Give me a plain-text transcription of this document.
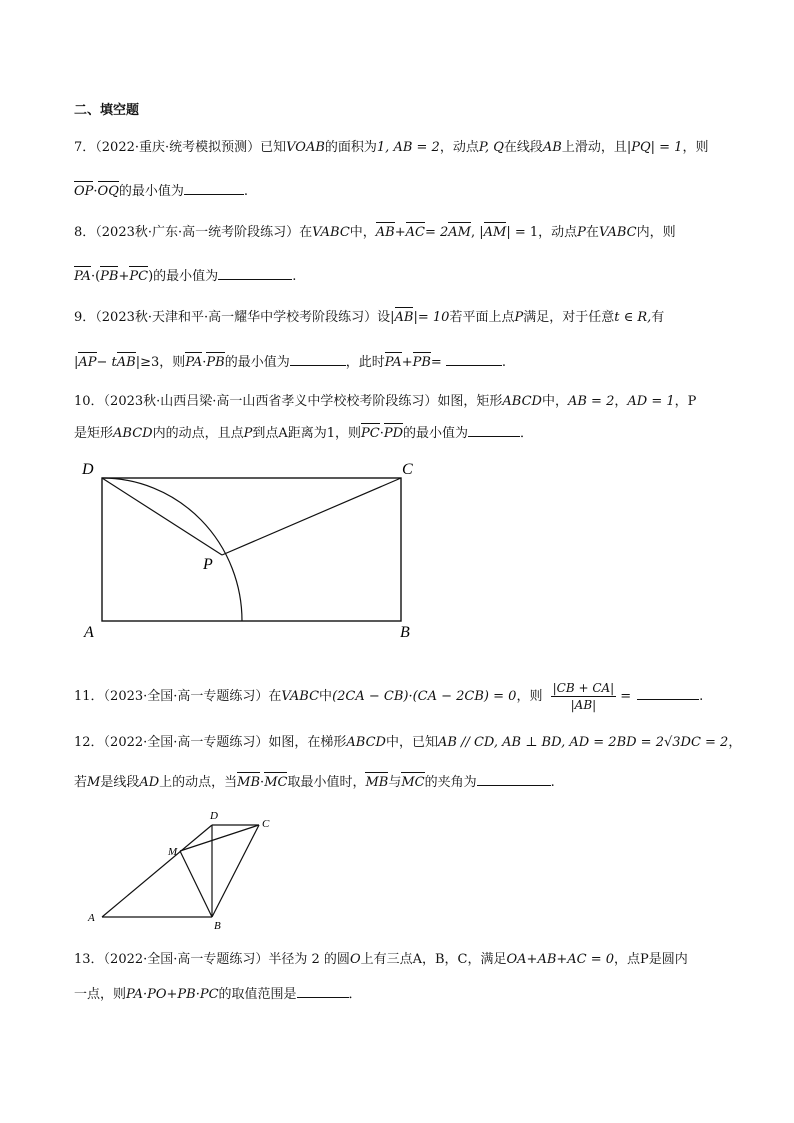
二、填空题
7．（2022·重庆·统考模拟预测）已知VOAB的面积为1, AB = 2，动点P, Q在线段AB上滑动，且|PQ| = 1，则
OP·OQ的最小值为	.
8．（2023秋·广东·高一统考阶段练习）在VABC中，AB+AC= 2AM, |AM| = 1，动点P在VABC内，则
PA·(PB+PC)的最小值为	.
9．（2023秋·天津和平·高一耀华中学校考阶段练习）设|AB|= 10若平面上点P满足，对于任意t ∈ R,有
|AP− tAB|≥3，则PA·PB的最小值为	，此时PA+PB=	.
10．（2023秋·山西吕梁·高一山西省孝义中学校校考阶段练习）如图，矩形ABCD中，AB = 2，AD = 1，P
是矩形ABCD内的动点，且点P到点A距离为1，则PC·PD的最小值为	．
D	C
P
A	B
11．（2023·全国·高一专题练习）在VABC中(2CA − CB)·(CA − 2CB) = 0，则 $\frac{|CB + CA|}{|AB|}$ =	.
12．（2022·全国·高一专题练习）如图，在梯形ABCD中，已知AB // CD, AB ⊥ BD, AD = 2BD = 2√3DC = 2，
若M是线段AD上的动点，当MB·MC取最小值时，MB与MC的夹角为	.
D
C
M
A
B
13．（2022·全国·高一专题练习）半径为 2 的圆O上有三点A，B，C，满足OA+AB+AC = 0，点P是圆内
一点，则PA·PO+PB·PC的取值范围是	．
